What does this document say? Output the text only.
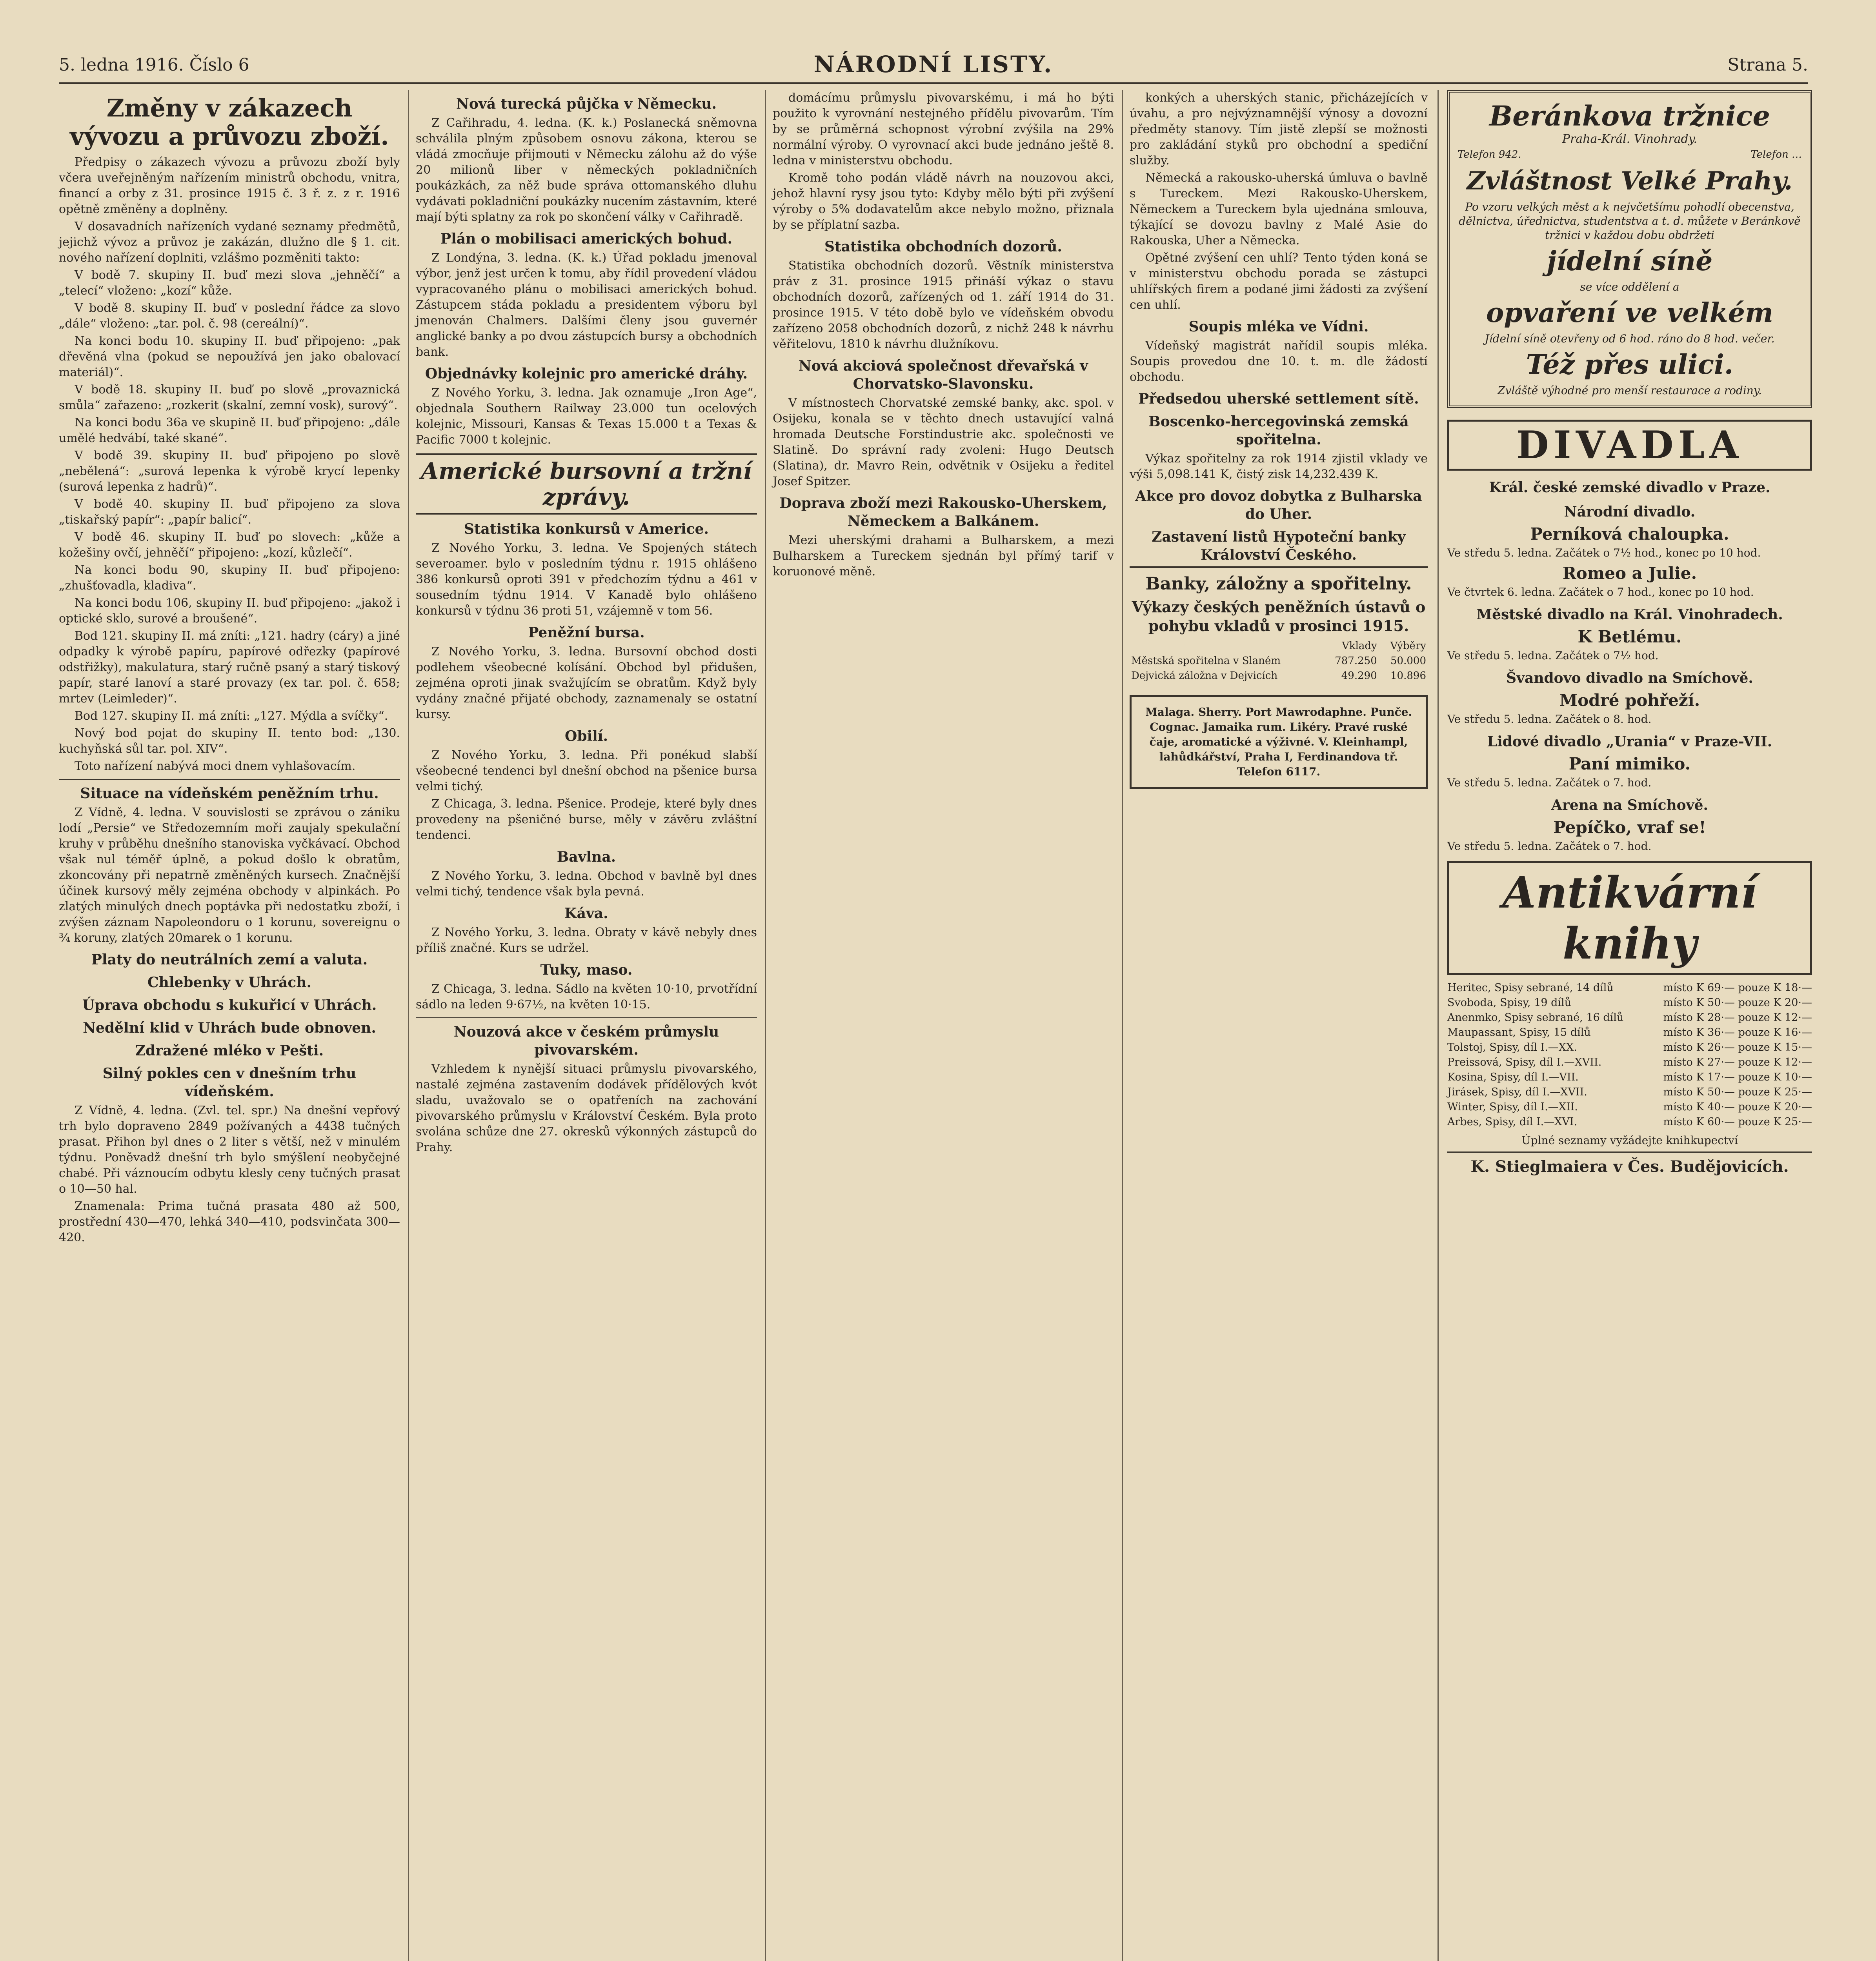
5. ledna 1916. Číslo 6	NÁRODNÍ LISTY.	Strana 5.
Změny v zákazech vývozu a průvozu zboží.

Předpisy o zákazech vývozu a průvozu zboží byly včera uveřejněným nařízením ministrů obchodu, vnitra, financí a orby z 31. prosince 1915 č. 3 ř. z. z r. 1916 opětně změněny a doplněny.

V dosavadních nařízeních vydané seznamy předmětů, jejichž vývoz a průvoz je zakázán, dlužno dle § 1. cit. nového nařízení doplniti, vzlášmo pozměniti takto:

V bodě 7. skupiny II. buď mezi slova „jehněčí“ a „telecí“ vloženo: „kozí“ kůže.

V bodě 8. skupiny II. buď v poslední řádce za slovo „dále“ vloženo: „tar. pol. č. 98 (cereální)“.

Na konci bodu 10. skupiny II. buď připojeno: „pak dřevěná vlna (pokud se nepoužívá jen jako obalovací materiál)“.

V bodě 18. skupiny II. buď po slově „provaznická smůla“ zařazeno: „rozkerit (skalní, zemní vosk), surový“.

Na konci bodu 36a ve skupině II. buď připojeno: „dále umělé hedvábí, také skané“.

V bodě 39. skupiny II. buď připojeno po slově „nebělená“: „surová lepenka k výrobě krycí lepenky (surová lepenka z hadrů)“.

V bodě 40. skupiny II. buď připojeno za slova „tiskařský papír“: „papír balicí“.

V bodě 46. skupiny II. buď po slovech: „kůže a kožešiny ovčí, jehněčí“ připojeno: „kozí, kůzlečí“.

Na konci bodu 90, skupiny II. buď připojeno: „zhušťovadla, kladiva“.

Na konci bodu 106, skupiny II. buď připojeno: „jakož i optické sklo, surové a broušené“.

Bod 121. skupiny II. má zníti: „121. hadry (cáry) a jiné odpadky k výrobě papíru, papírové odřezky (papírové odstřižky), makulatura, starý ručně psaný a starý tiskový papír, staré lanoví a staré provazy (ex tar. pol. č. 658; mrtev (Leimleder)“.

Bod 127. skupiny II. má zníti: „127. Mýdla a svíčky“.

Nový bod pojat do skupiny II. tento bod: „130. kuchyňská sůl tar. pol. XIV“.

Toto nařízení nabývá moci dnem vyhlašovacím.

Situace na vídeňském peněžním trhu.

Z Vídně, 4. ledna. V souvislosti se zprávou o zániku lodí „Persie“ ve Středozemním moři zaujaly spekulační kruhy v průběhu dnešního stanoviska vyčkávací. Obchod však nul téměř úplně, a pokud došlo k obratům, zkoncovány při nepatrně změněných kursech. Značnější účinek kursový měly zejména obchody v alpinkách. Po zlatých minulých dnech poptávka při nedostatku zboží, i zvýšen záznam Napoleondoru o 1 korunu, sovereignu o ¾ koruny, zlatých 20marek o 1 korunu.

Platy do neutrálních zemí a valuta.
Chlebenky v Uhrách.
Úprava obchodu s kukuřicí v Uhrách.
Nedělní klid v Uhrách bude obnoven.
Zdražené mléko v Pešti.
Silný pokles cen v dnešním trhu vídeňském.

Z Vídně, 4. ledna. (Zvl. tel. spr.) Na dnešní vepřový trh bylo dopraveno 2849 požívaných a 4438 tučných prasat. Přihon byl dnes o 2 liter s větší, než v minulém týdnu. Poněvadž dnešní trh bylo smýšlení neobyčejné chabé. Při váznoucím odbytu klesly ceny tučných prasat o 10—50 hal.

Znamenala: Prima tučná prasata 480 až 500, prostřední 430—470, lehká 340—410, podsvinčata 300—420.

Nová turecká půjčka v Německu.

Z Cařihradu, 4. ledna. (K. k.) Poslanecká sněmovna schválila plným způsobem osnovu zákona, kterou se vládá zmocňuje přijmouti v Německu zálohu až do výše 20 milionů liber v německých pokladničních poukázkách, za něž bude správa ottomanského dluhu vydávati pokladniční poukázky nucením zástavním, které mají býti splatny za rok po skončení války v Cařihradě.

Plán o mobilisaci amerických bohud.

Z Londýna, 3. ledna. (K. k.) Úřad pokladu jmenoval výbor, jenž jest určen k tomu, aby řídil provedení vládou vypracovaného plánu o mobilisaci amerických bohud. Zástupcem stáda pokladu a presidentem výboru byl jmenován Chalmers. Dalšími členy jsou guvernér anglické banky a po dvou zástupcích bursy a obchodních bank.

Objednávky kolejnic pro americké dráhy.

Z Nového Yorku, 3. ledna. Jak oznamuje „Iron Age“, objednala Southern Railway 23.000 tun ocelových kolejnic, Missouri, Kansas & Texas 15.000 t a Texas & Pacific 7000 t kolejnic.

Americké bursovní a tržní zprávy.
Statistika konkursů v Americe.

Z Nového Yorku, 3. ledna. Ve Spojených státech severoamer. bylo v posledním týdnu r. 1915 ohlášeno 386 konkursů oproti 391 v předchozím týdnu a 461 v sousedním týdnu 1914. V Kanadě bylo ohlášeno konkursů v týdnu 36 proti 51, vzájemně v tom 56.

Peněžní bursa.

Z Nového Yorku, 3. ledna. Bursovní obchod dosti podlehem všeobecné kolísání. Obchod byl přidušen, zejména oproti jinak svažujícím se obratům. Když byly vydány značné přijaté obchody, zaznamenaly se ostatní kursy.

Obilí.

Z Nového Yorku, 3. ledna. Při ponékud slabší všeobecné tendenci byl dnešní obchod na pšenice bursa velmi tichý.

Z Chicaga, 3. ledna. Pšenice. Prodeje, které byly dnes provedeny na pšeničné burse, měly v závěru zvláštní tendenci.

Bavlna.

Z Nového Yorku, 3. ledna. Obchod v bavlně byl dnes velmi tichý, tendence však byla pevná.

Káva.

Z Nového Yorku, 3. ledna. Obraty v kávě nebyly dnes příliš značné. Kurs se udržel.

Tuky, maso.

Z Chicaga, 3. ledna. Sádlo na květen 10·10, prvotřídní sádlo na leden 9·67½, na květen 10·15.

Nouzová akce v českém průmyslu pivovarském.

Vzhledem k nynější situaci průmyslu pivovarského, nastalé zejména zastavením dodávek přídělových kvót sladu, uvažovalo se o opatřeních na zachování pivovarského průmyslu v Království Českém. Byla proto svolána schůze dne 27. okresků výkonných zástupců do Prahy.

domácímu průmyslu pivovarskému, i má ho býti použito k vyrovnání nestejného přídělu pivovarům. Tím by se průměrná schopnost výrobní zvýšila na 29% normální výroby. O vyrovnací akci bude jednáno ještě 8. ledna v ministerstvu obchodu.

Kromě toho podán vládě návrh na nouzovou akci, jehož hlavní rysy jsou tyto: Kdyby mělo býti při zvýšení výroby o 5% dodavatelům akce nebylo možno, přiznala by se příplatní sazba.

Statistika obchodních dozorů.

Statistika obchodních dozorů. Věstník ministerstva práv z 31. prosince 1915 přináší výkaz o stavu obchodních dozorů, zařízených od 1. září 1914 do 31. prosince 1915. V této době bylo ve vídeňském obvodu zařízeno 2058 obchodních dozorů, z nichž 248 k návrhu věřitelovu, 1810 k návrhu dlužníkovu.

Nová akciová společnost dřevařská v Chorvatsko-Slavonsku.

V místnostech Chorvatské zemské banky, akc. spol. v Osijeku, konala se v těchto dnech ustavující valná hromada Deutsche Forstindustrie akc. společnosti ve Slatině. Do správní rady zvoleni: Hugo Deutsch (Slatina), dr. Mavro Rein, odvětnik v Osijeku a ředitel Josef Spitzer.

Doprava zboží mezi Rakousko-Uherskem, Německem a Balkánem.

Mezi uherskými drahami a Bulharskem, a mezi Bulharskem a Tureckem sjednán byl přímý tarif v koruonové měně.

konkých a uherských stanic, přicházejících v úvahu, a pro nejvýznamnější výnosy a dovozní předměty stanovy. Tím jistě zlepší se možnosti pro zakládání styků pro obchodní a spediční služby.

Německá a rakousko-uherská úmluva o bavlně s Tureckem. Mezi Rakousko-Uherskem, Německem a Tureckem byla ujednána smlouva, týkající se dovozu bavlny z Malé Asie do Rakouska, Uher a Německa.

Opětné zvýšení cen uhlí? Tento týden koná se v ministerstvu obchodu porada se zástupci uhlířských firem a podané jimi žádosti za zvýšení cen uhlí.

Soupis mléka ve Vídni.

Vídeňský magistrát nařídil soupis mléka. Soupis provedou dne 10. t. m. dle žádostí obchodu.

Předsedou uherské settlement sítě.
Boscenko-hercegovinská zemská spořitelna.

Výkaz spořitelny za rok 1914 zjistil vklady ve výši 5,098.141 K, čistý zisk 14,232.439 K.

Akce pro dovoz dobytka z Bulharska do Uher.
Zastavení listů Hypoteční banky Království Českého.
Banky, záložny a spořitelny.
Výkazy českých peněžních ústavů o pohybu vkladů v prosinci 1915.
	Vklady	Výběry
Městská spořitelna v Slaném	787.250	50.000
Dejvická záložna v Dejvicích	49.290	10.896
Malaga. Sherry. Port Mawrodaphne. Punče. Cognac. Jamaika rum. Likéry. Pravé ruské čaje, aromatické a výživné. V. Kleinhampl, lahůdkářství, Praha I, Ferdinandova tř. Telefon 6117.
Beránkova tržnice
Praha-Král. Vinohrady.
Telefon 942.	Telefon …
Zvláštnost Velké Prahy.
Po vzoru velkých měst a k nejvčetšímu pohodlí obecenstva, dělnictva, úřednictva, studentstva a t. d. můžete v Beránkově tržnici v každou dobu obdržeti
jídelní síně
se více oddělení a
opvaření ve velkém
Jídelní síně otevřeny od 6 hod. ráno do 8 hod. večer.
Též přes ulici.
Zvláště výhodné pro menší restaurace a rodiny.
DIVADLA
Král. české zemské divadlo v Praze.
Národní divadlo.
Perníková chaloupka.
Ve středu 5. ledna. Začátek o 7½ hod., konec po 10 hod.
Romeo a Julie.
Ve čtvrtek 6. ledna. Začátek o 7 hod., konec po 10 hod.
Městské divadlo na Král. Vinohradech.
K Betlému.
Ve středu 5. ledna. Začátek o 7½ hod.
Švandovo divadlo na Smíchově.
Modré pohřeží.
Ve středu 5. ledna. Začátek o 8. hod.
Lidové divadlo „Urania“ v Praze-VII.
Paní mimiko.
Ve středu 5. ledna. Začátek o 7. hod.
Arena na Smíchově.
Pepíčko, vraf se!
Ve středu 5. ledna. Začátek o 7. hod.
Antikvární knihy
Heritec, Spisy sebrané, 14 dílů	místo K 69·— pouze K 18·—
Svoboda, Spisy, 19 dílů	místo K 50·— pouze K 20·—
Anenmko, Spisy sebrané, 16 dílů	místo K 28·— pouze K 12·—
Maupassant, Spisy, 15 dílů	místo K 36·— pouze K 16·—
Tolstoj, Spisy, díl I.—XX.	místo K 26·— pouze K 15·—
Preissová, Spisy, díl I.—XVII.	místo K 27·— pouze K 12·—
Kosina, Spisy, díl I.—VII.	místo K 17·— pouze K 10·—
Jirásek, Spisy, díl I.—XVII.	místo K 50·— pouze K 25·—
Winter, Spisy, díl I.—XII.	místo K 40·— pouze K 20·—
Arbes, Spisy, díl I.—XVI.	místo K 60·— pouze K 25·—
Úplné seznamy vyžádejte knihkupectví
K. Stieglmaiera v Čes. Budějovicích.
